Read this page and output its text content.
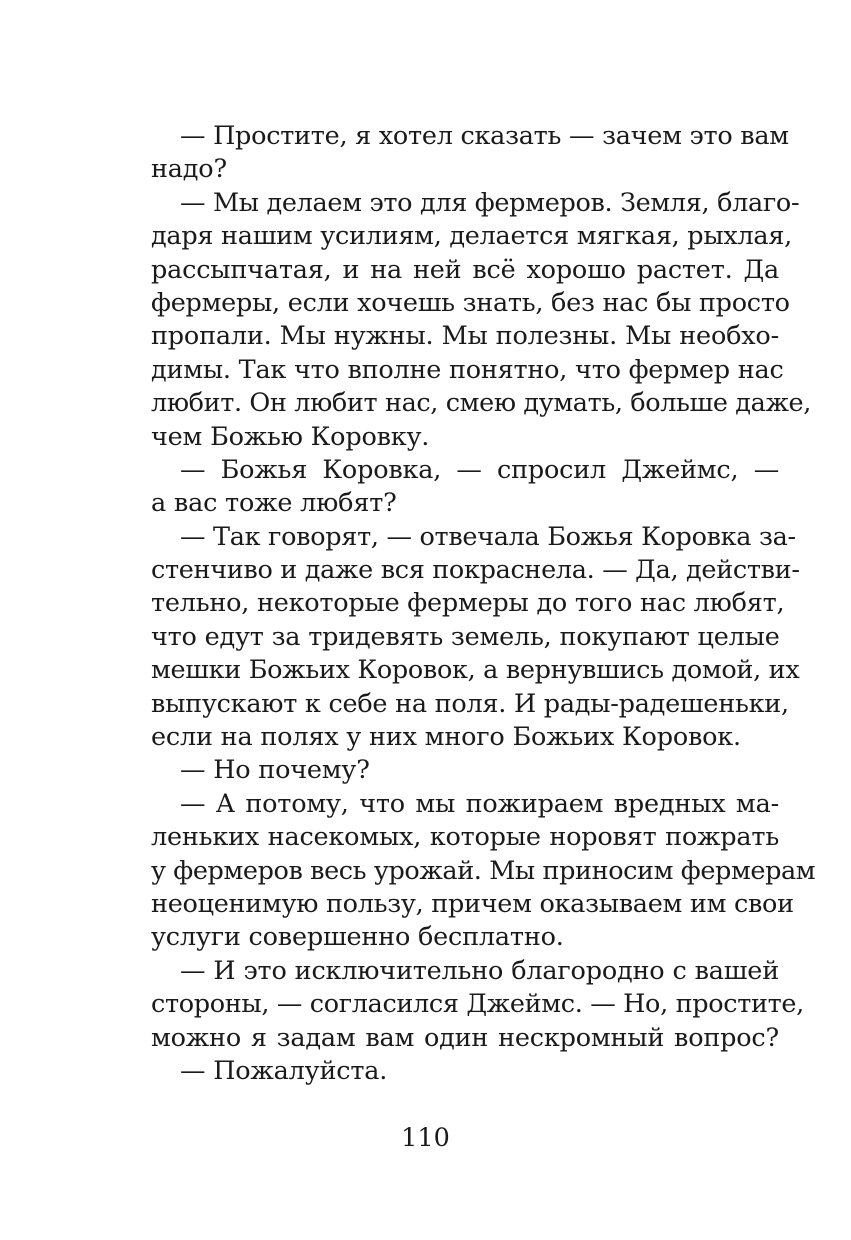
— Простите, я хотел сказать — зачем это вам
надо?
— Мы делаем это для фермеров. Земля, благо-
даря нашим усилиям, делается мягкая, рыхлая,
рассыпчатая, и на ней всё хорошо растет. Да
фермеры, если хочешь знать, без нас бы просто
пропали. Мы нужны. Мы полезны. Мы необхо-
димы. Так что вполне понятно, что фермер нас
любит. Он любит нас, смею думать, больше даже,
чем Божью Коровку.
— Божья Коровка, — спросил Джеймс, —
а вас тоже любят?
— Так говорят, — отвечала Божья Коровка за-
стенчиво и даже вся покраснела. — Да, действи-
тельно, некоторые фермеры до того нас любят,
что едут за тридевять земель, покупают целые
мешки Божьих Коровок, а вернувшись домой, их
выпускают к себе на поля. И рады-радешеньки,
если на полях у них много Божьих Коровок.
— Но почему?
— А потому, что мы пожираем вредных ма-
леньких насекомых, которые норовят пожрать
у фермеров весь урожай. Мы приносим фермерам
неоценимую пользу, причем оказываем им свои
услуги совершенно бесплатно.
— И это исключительно благородно с вашей
стороны, — согласился Джеймс. — Но, простите,
можно я задам вам один нескромный вопрос?
— Пожалуйста.
110
